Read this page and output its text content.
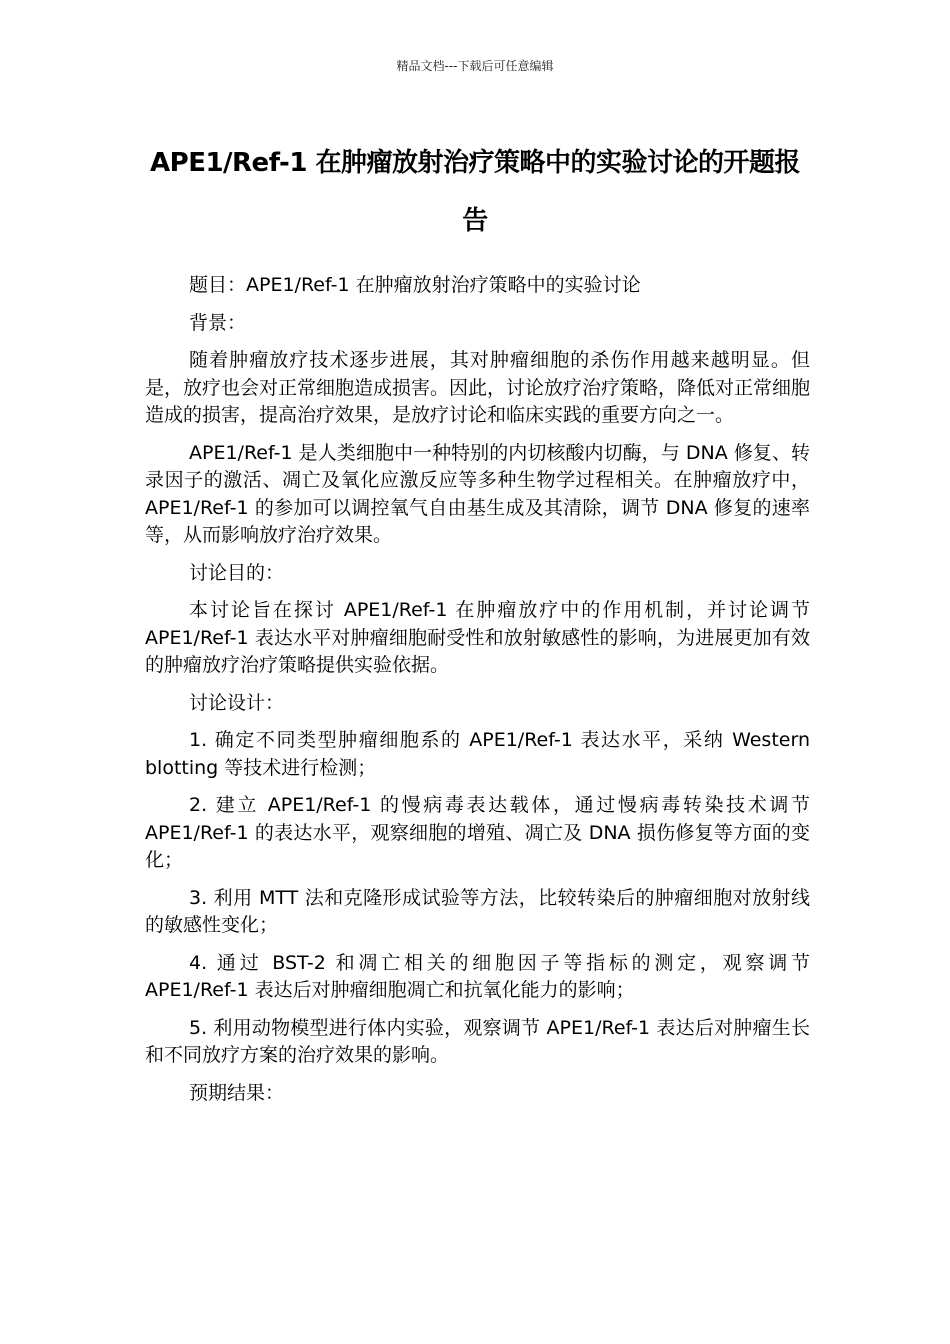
精品文档---下载后可任意编辑
APE1/Ref-1 在肿瘤放射治疗策略中的实验讨论的开题报告

题目：APE1/Ref-1 在肿瘤放射治疗策略中的实验讨论

背景：

随着肿瘤放疗技术逐步进展，其对肿瘤细胞的杀伤作用越来越明显。但是，放疗也会对正常细胞造成损害。因此，讨论放疗治疗策略，降低对正常细胞造成的损害，提高治疗效果，是放疗讨论和临床实践的重要方向之一。

APE1/Ref-1 是人类细胞中一种特别的内切核酸内切酶，与 DNA 修复、转录因子的激活、凋亡及氧化应激反应等多种生物学过程相关。在肿瘤放疗中，APE1/Ref-1 的参加可以调控氧气自由基生成及其清除，调节 DNA 修复的速率等，从而影响放疗治疗效果。

讨论目的：

本讨论旨在探讨 APE1/Ref-1 在肿瘤放疗中的作用机制，并讨论调节 APE1/Ref-1 表达水平对肿瘤细胞耐受性和放射敏感性的影响，为进展更加有效的肿瘤放疗治疗策略提供实验依据。

讨论设计：

1. 确定不同类型肿瘤细胞系的 APE1/Ref-1 表达水平，采纳 Western blotting 等技术进行检测；

2. 建立 APE1/Ref-1 的慢病毒表达载体，通过慢病毒转染技术调节 APE1/Ref-1 的表达水平，观察细胞的增殖、凋亡及 DNA 损伤修复等方面的变化；

3. 利用 MTT 法和克隆形成试验等方法，比较转染后的肿瘤细胞对放射线的敏感性变化；

4. 通过 BST-2 和凋亡相关的细胞因子等指标的测定，观察调节 APE1/Ref-1 表达后对肿瘤细胞凋亡和抗氧化能力的影响；

5. 利用动物模型进行体内实验，观察调节 APE1/Ref-1 表达后对肿瘤生长和不同放疗方案的治疗效果的影响。

预期结果：
